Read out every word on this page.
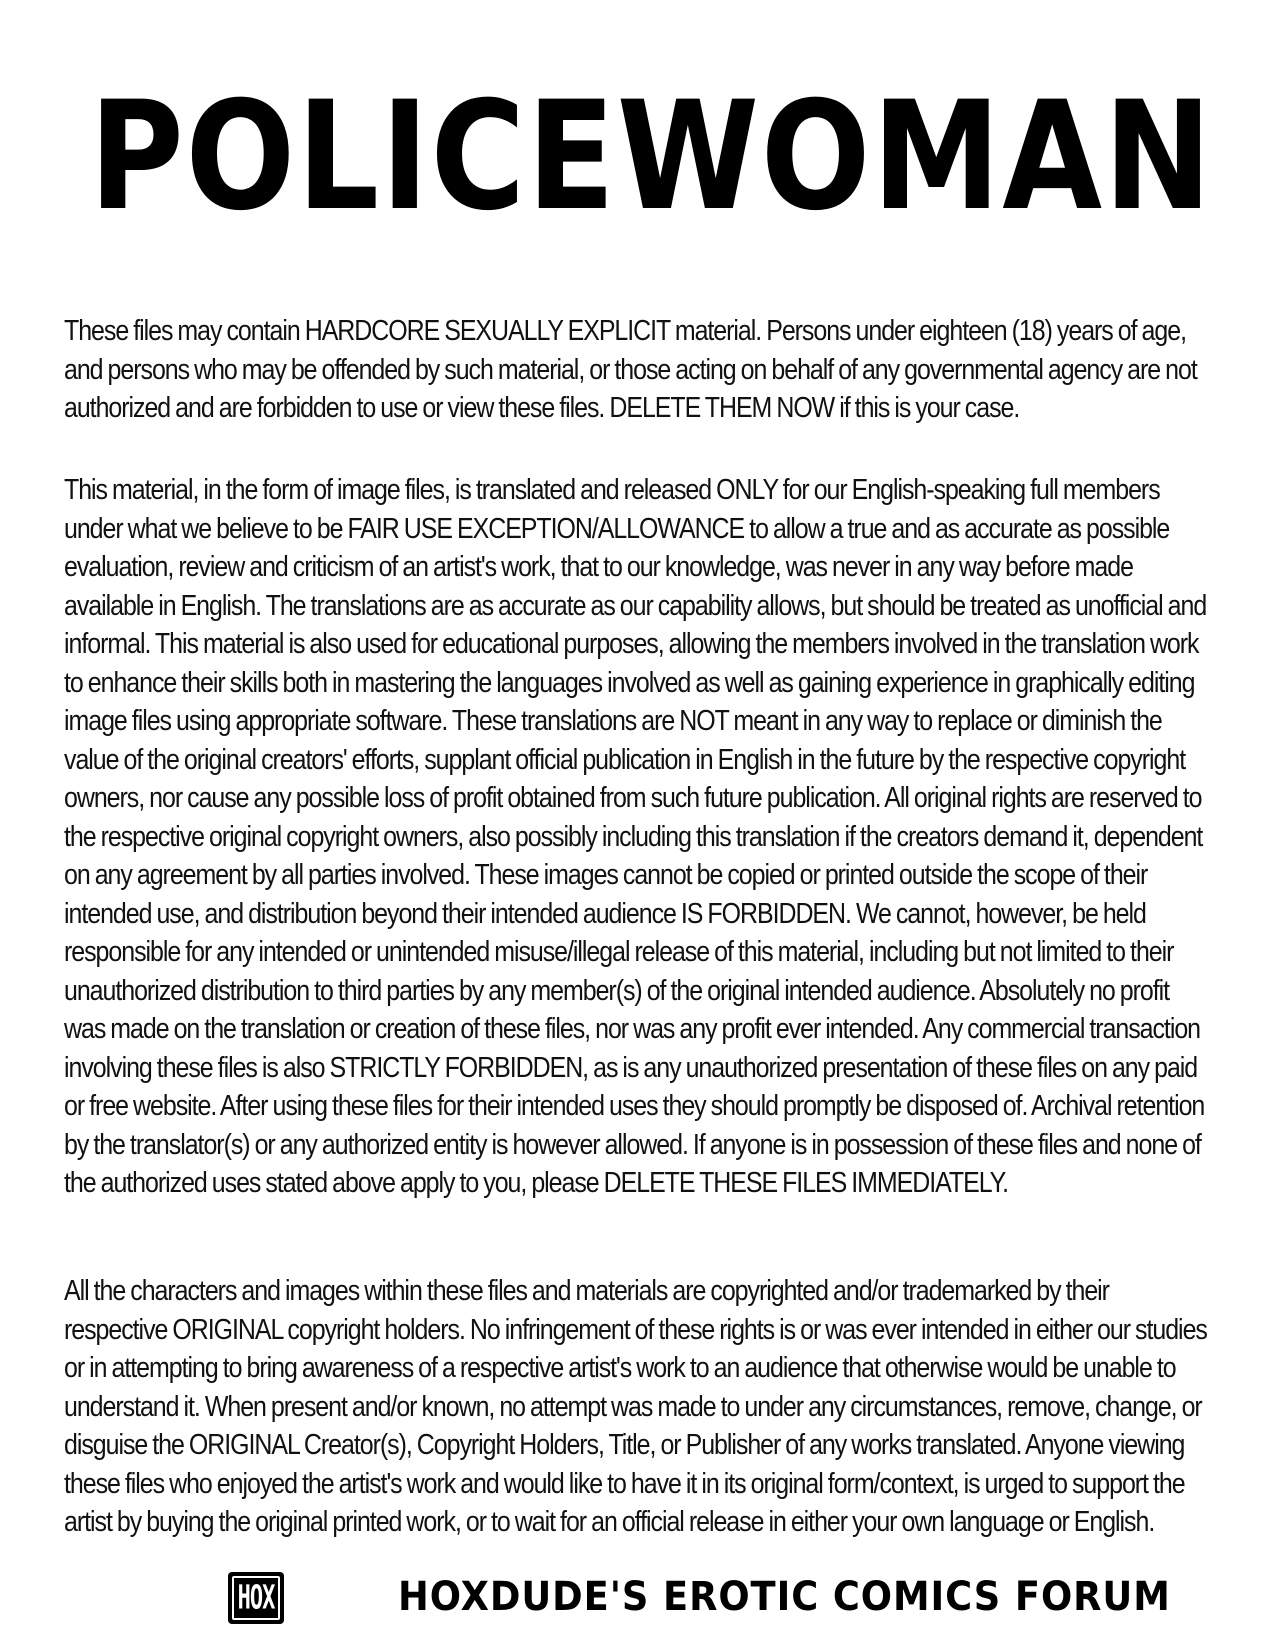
POLICEWOMAN

These files may contain HARDCORE SEXUALLY EXPLICIT material. Persons under eighteen (18) years of age, and persons who may be offended by such material, or those acting on behalf of any governmental agency are not authorized and are forbidden to use or view these files. DELETE THEM NOW if this is your case.

This material, in the form of image files, is translated and released ONLY for our English-speaking full members under what we believe to be FAIR USE EXCEPTION/ALLOWANCE to allow a true and as accurate as possible evaluation, review and criticism of an artist's work, that to our knowledge, was never in any way before made available in English. The translations are as accurate as our capability allows, but should be treated as unofficial and informal. This material is also used for educational purposes, allowing the members involved in the translation work to enhance their skills both in mastering the languages involved as well as gaining experience in graphically editing image files using appropriate software. These translations are NOT meant in any way to replace or diminish the value of the original creators' efforts, supplant official publication in English in the future by the respective copyright owners, nor cause any possible loss of profit obtained from such future publication. All original rights are reserved to the respective original copyright owners, also possibly including this translation if the creators demand it, dependent on any agreement by all parties involved. These images cannot be copied or printed outside the scope of their intended use, and distribution beyond their intended audience IS FORBIDDEN. We cannot, however, be held responsible for any intended or unintended misuse/illegal release of this material, including but not limited to their unauthorized distribution to third parties by any member(s) of the original intended audience. Absolutely no profit was made on the translation or creation of these files, nor was any profit ever intended. Any commercial transaction involving these files is also STRICTLY FORBIDDEN, as is any unauthorized presentation of these files on any paid or free website. After using these files for their intended uses they should promptly be disposed of. Archival retention by the translator(s) or any authorized entity is however allowed. If anyone is in possession of these files and none of the authorized uses stated above apply to you, please DELETE THESE FILES IMMEDIATELY.

All the characters and images within these files and materials are copyrighted and/or trademarked by their respective ORIGINAL copyright holders. No infringement of these rights is or was ever intended in either our studies or in attempting to bring awareness of a respective artist's work to an audience that otherwise would be unable to understand it. When present and/or known, no attempt was made to under any circumstances, remove, change, or disguise the ORIGINAL Creator(s), Copyright Holders, Title, or Publisher of any works translated. Anyone viewing these files who enjoyed the artist's work and would like to have it in its original form/context, is urged to support the artist by buying the original printed work, or to wait for an official release in either your own language or English.

HOX	HOXDUDE'S EROTIC COMICS FORUM
